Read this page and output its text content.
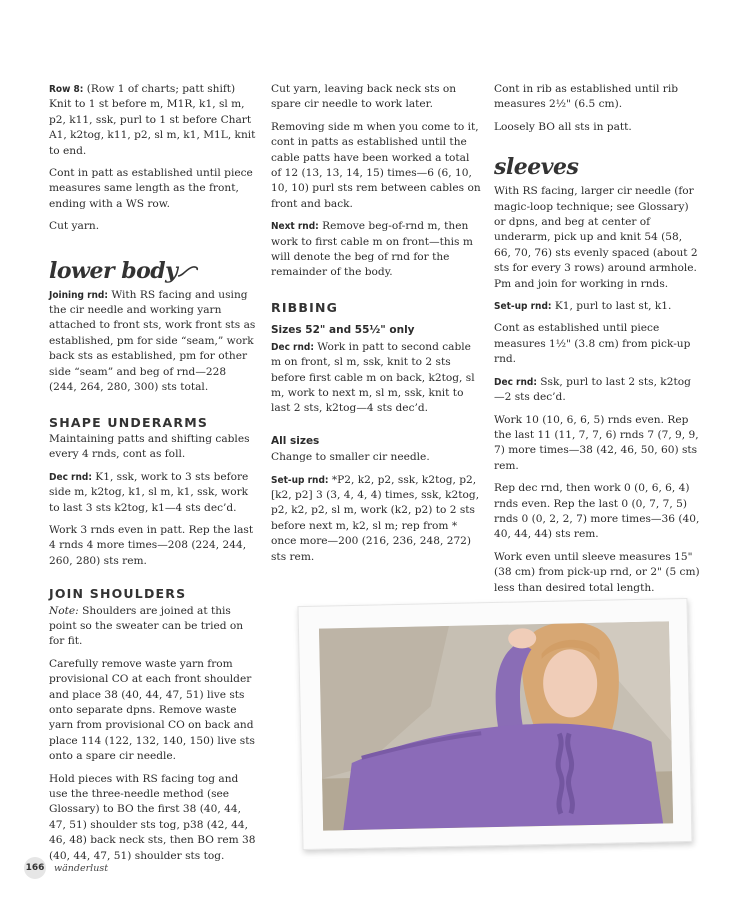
Row 8: (Row 1 of charts; patt shift) Knit to 1 st before m, M1R, k1, sl m, p2, k11, ssk, purl to 1 st before Chart A1, k2tog, k11, p2, sl m, k1, M1L, knit to end.

Cont in patt as established until piece measures same length as the front, ending with a WS row.

Cut yarn.

lower body

Joining rnd: With RS facing and using the cir needle and working yarn attached to front sts, work front sts as established, pm for side “seam,” work back sts as established, pm for other side “seam” and beg of rnd—228 (244, 264, 280, 300) sts total.

SHAPE UNDERARMS

Maintaining patts and shifting cables every 4 rnds, cont as foll.

Dec rnd: K1, ssk, work to 3 sts before side m, k2tog, k1, sl m, k1, ssk, work to last 3 sts k2tog, k1—4 sts dec’d.

Work 3 rnds even in patt. Rep the last 4 rnds 4 more times—208 (224, 244, 260, 280) sts rem.

JOIN SHOULDERS

Note: Shoulders are joined at this point so the sweater can be tried on for fit.

Carefully remove waste yarn from provisional CO at each front shoulder and place 38 (40, 44, 47, 51) live sts onto separate dpns. Remove waste yarn from provisional CO on back and place 114 (122, 132, 140, 150) live sts onto a spare cir needle.

Hold pieces with RS facing tog and use the three-needle method (see Glossary) to BO the first 38 (40, 44, 47, 51) shoulder sts tog, p38 (42, 44, 46, 48) back neck sts, then BO rem 38 (40, 44, 47, 51) shoulder sts tog.

Cut yarn, leaving back neck sts on spare cir needle to work later.

Removing side m when you come to it, cont in patts as established until the cable patts have been worked a total of 12 (13, 13, 14, 15) times—6 (6, 10, 10, 10) purl sts rem between cables on front and back.

Next rnd: Remove beg-of-rnd m, then work to first cable m on front—this m will denote the beg of rnd for the remainder of the body.

RIBBING
Sizes 52" and 55½" only

Dec rnd: Work in patt to second cable m on front, sl m, ssk, knit to 2 sts before first cable m on back, k2tog, sl m, work to next m, sl m, ssk, knit to last 2 sts, k2tog—4 sts dec’d.

All sizes

Change to smaller cir needle.

Set-up rnd: *P2, k2, p2, ssk, k2tog, p2, [k2, p2] 3 (3, 4, 4, 4) times, ssk, k2tog, p2, k2, p2, sl m, work (k2, p2) to 2 sts before next m, k2, sl m; rep from * once more—200 (216, 236, 248, 272) sts rem.

Cont in rib as established until rib measures 2½" (6.5 cm).

Loosely BO all sts in patt.

sleeves

With RS facing, larger cir needle (for magic-loop technique; see Glossary) or dpns, and beg at center of underarm, pick up and knit 54 (58, 66, 70, 76) sts evenly spaced (about 2 sts for every 3 rows) around armhole. Pm and join for working in rnds.

Set-up rnd: K1, purl to last st, k1.

Cont as established until piece measures 1½" (3.8 cm) from pick-up rnd.

Dec rnd: Ssk, purl to last 2 sts, k2tog—2 sts dec’d.

Work 10 (10, 6, 6, 5) rnds even. Rep the last 11 (11, 7, 7, 6) rnds 7 (7, 9, 9, 7) more times—38 (42, 46, 50, 60) sts rem.

Rep dec rnd, then work 0 (0, 6, 6, 4) rnds even. Rep the last 0 (0, 7, 7, 5) rnds 0 (0, 2, 2, 7) more times—36 (40, 40, 44, 44) sts rem.

Work even until sleeve measures 15" (38 cm) from pick-up rnd, or 2" (5 cm) less than desired total length.

166 wänderlust
